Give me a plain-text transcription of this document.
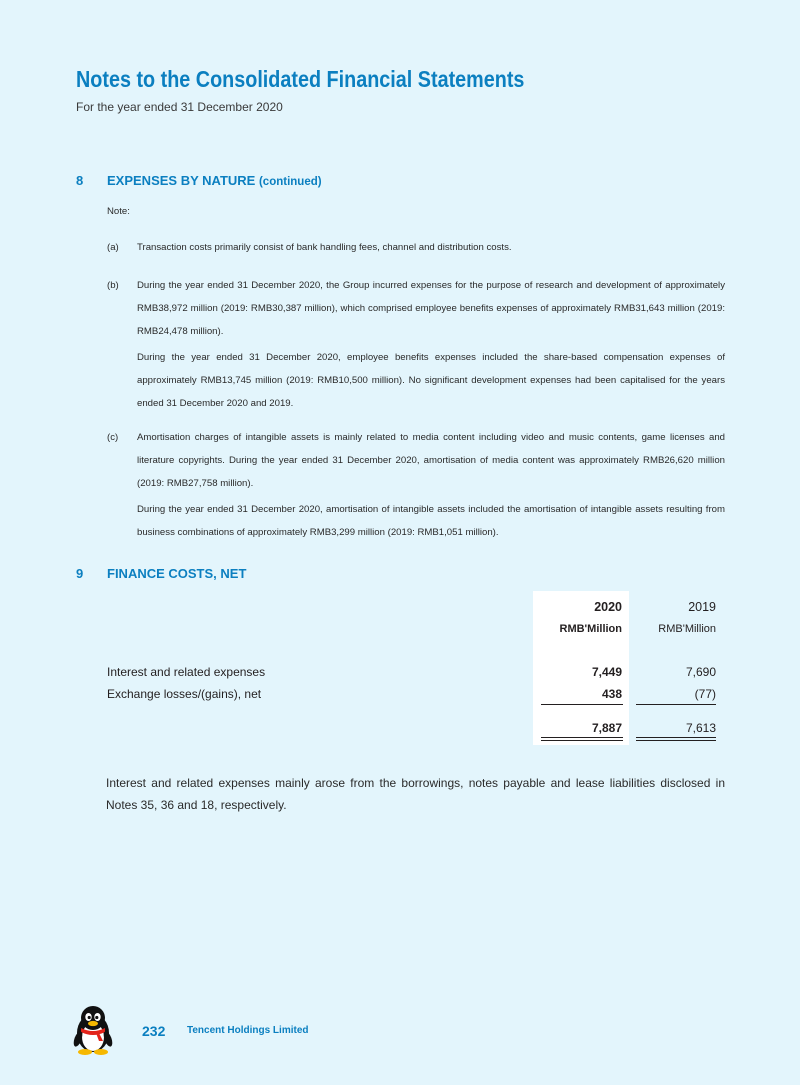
Notes to the Consolidated Financial Statements
For the year ended 31 December 2020
8 EXPENSES BY NATURE (continued)
Note:
(a)	Transaction costs primarily consist of bank handling fees, channel and distribution costs.
(b)	During the year ended 31 December 2020, the Group incurred expenses for the purpose of research and development of approximately RMB38,972 million (2019: RMB30,387 million), which comprised employee benefits expenses of approximately RMB31,643 million (2019: RMB24,478 million).
During the year ended 31 December 2020, employee benefits expenses included the share-based compensation expenses of approximately RMB13,745 million (2019: RMB10,500 million). No significant development expenses had been capitalised for the years ended 31 December 2020 and 2019.
(c)	Amortisation charges of intangible assets is mainly related to media content including video and music contents, game licenses and literature copyrights. During the year ended 31 December 2020, amortisation of media content was approximately RMB26,620 million (2019: RMB27,758 million).
During the year ended 31 December 2020, amortisation of intangible assets included the amortisation of intangible assets resulting from business combinations of approximately RMB3,299 million (2019: RMB1,051 million).
9 FINANCE COSTS, NET
2020	2019
RMB'Million	RMB'Million
Interest and related expenses	7,449	7,690
Exchange losses/(gains), net	438	(77)
7,887	7,613
Interest and related expenses mainly arose from the borrowings, notes payable and lease liabilities disclosed in Notes 35, 36 and 18, respectively.
232 Tencent Holdings Limited
